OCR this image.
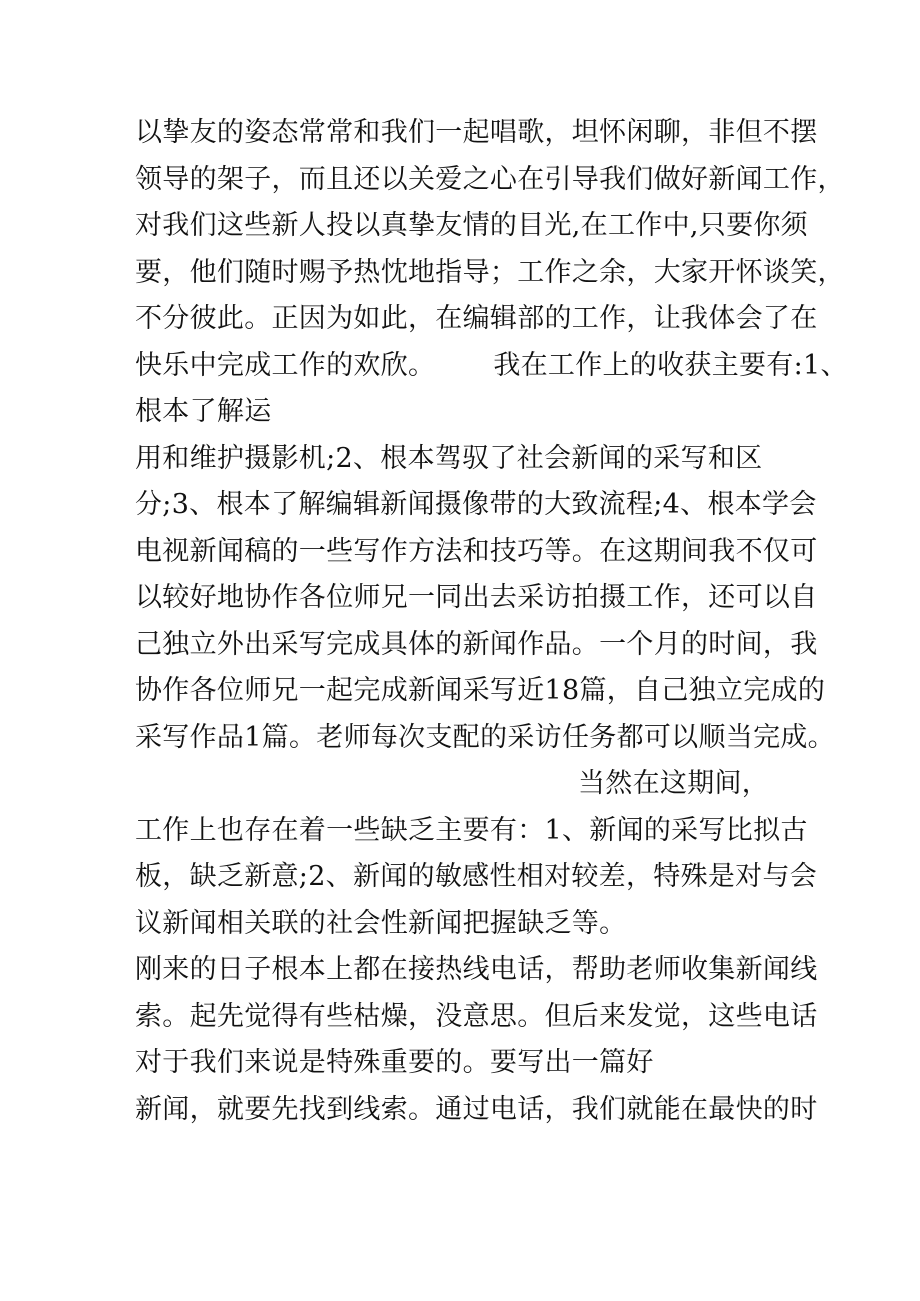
以挚友的姿态常常和我们一起唱歌，坦怀闲聊，非但不摆
领导的架子，而且还以关爱之心在引导我们做好新闻工作，
对我们这些新人投以真挚友情的目光,在工作中,只要你须
要，他们随时赐予热忱地指导；工作之余，大家开怀谈笑，
不分彼此。正因为如此，在编辑部的工作，让我体会了在
快乐中完成工作的欢欣。 我在工作上的收获主要有:1、
根本了解运
用和维护摄影机;2、根本驾驭了社会新闻的采写和区
分;3、根本了解编辑新闻摄像带的大致流程;4、根本学会
电视新闻稿的一些写作方法和技巧等。在这期间我不仅可
以较好地协作各位师兄一同出去采访拍摄工作，还可以自
己独立外出采写完成具体的新闻作品。一个月的时间，我
协作各位师兄一起完成新闻采写近18篇，自己独立完成的
采写作品1篇。老师每次支配的采访任务都可以顺当完成。
当然在这期间，
工作上也存在着一些缺乏主要有：1、新闻的采写比拟古
板，缺乏新意;2、新闻的敏感性相对较差，特殊是对与会
议新闻相关联的社会性新闻把握缺乏等。
刚来的日子根本上都在接热线电话，帮助老师收集新闻线
索。起先觉得有些枯燥，没意思。但后来发觉，这些电话
对于我们来说是特殊重要的。要写出一篇好
新闻，就要先找到线索。通过电话，我们就能在最快的时
